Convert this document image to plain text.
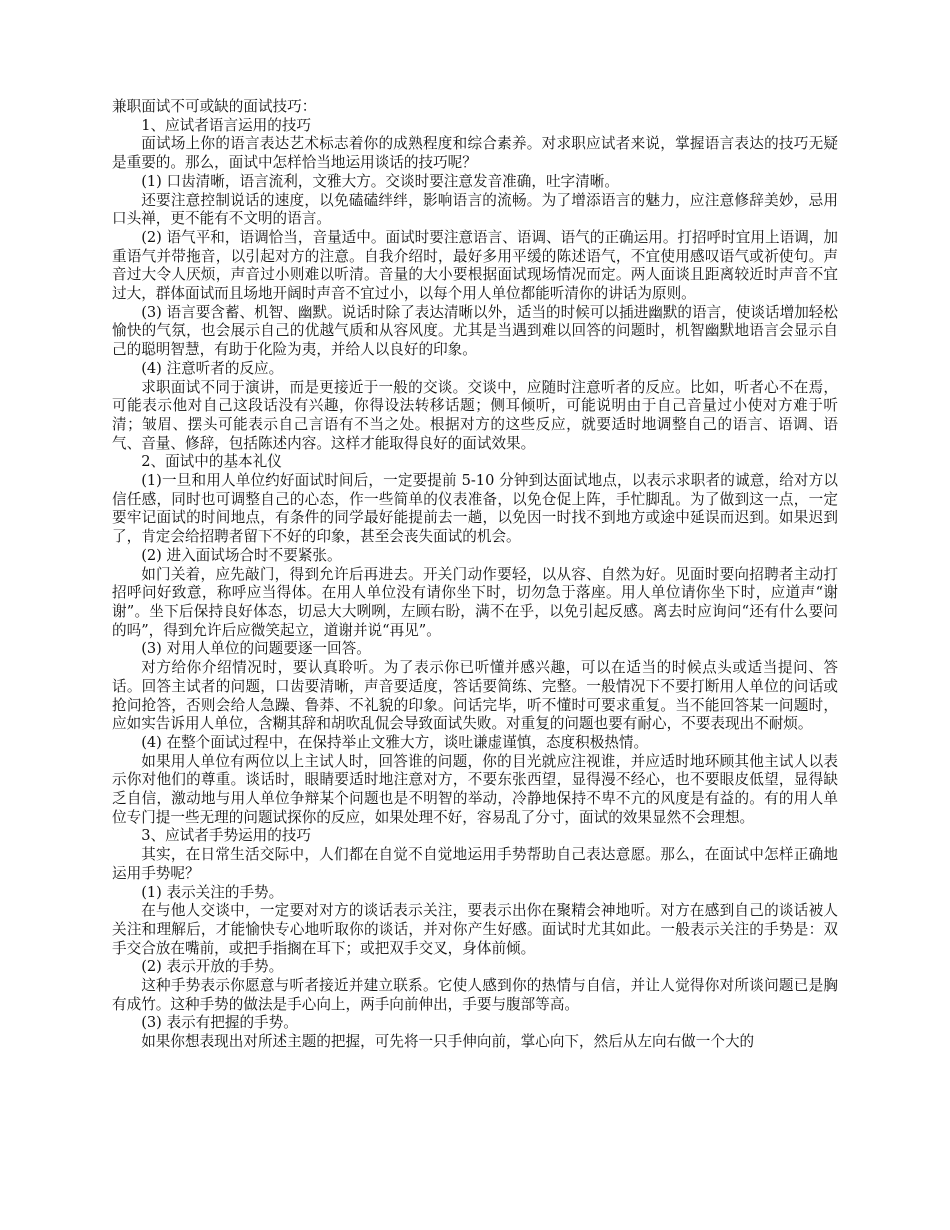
兼职面试不可或缺的面试技巧：

1、应试者语言运用的技巧

面试场上你的语言表达艺术标志着你的成熟程度和综合素养。对求职应试者来说，掌握语言表达的技巧无疑是重要的。那么，面试中怎样恰当地运用谈话的技巧呢？

(1) 口齿清晰，语言流利，文雅大方。交谈时要注意发音准确，吐字清晰。

还要注意控制说话的速度，以免磕磕绊绊，影响语言的流畅。为了增添语言的魅力，应注意修辞美妙，忌用口头禅，更不能有不文明的语言。

(2) 语气平和，语调恰当，音量适中。面试时要注意语言、语调、语气的正确运用。打招呼时宜用上语调，加重语气并带拖音，以引起对方的注意。自我介绍时，最好多用平缓的陈述语气，不宜使用感叹语气或祈使句。声音过大令人厌烦，声音过小则难以听清。音量的大小要根据面试现场情况而定。两人面谈且距离较近时声音不宜过大，群体面试而且场地开阔时声音不宜过小，以每个用人单位都能听清你的讲话为原则。

(3) 语言要含蓄、机智、幽默。说话时除了表达清晰以外，适当的时候可以插进幽默的语言，使谈话增加轻松愉快的气氛，也会展示自己的优越气质和从容风度。尤其是当遇到难以回答的问题时，机智幽默地语言会显示自己的聪明智慧，有助于化险为夷，并给人以良好的印象。

(4) 注意听者的反应。

求职面试不同于演讲，而是更接近于一般的交谈。交谈中，应随时注意听者的反应。比如，听者心不在焉，可能表示他对自己这段话没有兴趣，你得设法转移话题；侧耳倾听，可能说明由于自己音量过小使对方难于听清；皱眉、摆头可能表示自己言语有不当之处。根据对方的这些反应，就要适时地调整自己的语言、语调、语气、音量、修辞，包括陈述内容。这样才能取得良好的面试效果。

2、面试中的基本礼仪

(1)一旦和用人单位约好面试时间后，一定要提前 5-10 分钟到达面试地点，以表示求职者的诚意，给对方以信任感，同时也可调整自己的心态，作一些简单的仪表准备，以免仓促上阵，手忙脚乱。为了做到这一点，一定要牢记面试的时间地点，有条件的同学最好能提前去一趟，以免因一时找不到地方或途中延误而迟到。如果迟到了，肯定会给招聘者留下不好的印象，甚至会丧失面试的机会。

(2) 进入面试场合时不要紧张。

如门关着，应先敲门，得到允许后再进去。开关门动作要轻，以从容、自然为好。见面时要向招聘者主动打招呼问好致意，称呼应当得体。在用人单位没有请你坐下时，切勿急于落座。用人单位请你坐下时，应道声“谢谢”。坐下后保持良好体态，切忌大大咧咧，左顾右盼，满不在乎，以免引起反感。离去时应询问“还有什么要问的吗”，得到允许后应微笑起立，道谢并说“再见”。

(3) 对用人单位的问题要逐一回答。

对方给你介绍情况时，要认真聆听。为了表示你已听懂并感兴趣，可以在适当的时候点头或适当提问、答话。回答主试者的问题，口齿要清晰，声音要适度，答话要简练、完整。一般情况下不要打断用人单位的问话或抢问抢答，否则会给人急躁、鲁莽、不礼貌的印象。问话完毕，听不懂时可要求重复。当不能回答某一问题时，应如实告诉用人单位，含糊其辞和胡吹乱侃会导致面试失败。对重复的问题也要有耐心，不要表现出不耐烦。

(4) 在整个面试过程中，在保持举止文雅大方，谈吐谦虚谨慎，态度积极热情。

如果用人单位有两位以上主试人时，回答谁的问题，你的目光就应注视谁，并应适时地环顾其他主试人以表示你对他们的尊重。谈话时，眼睛要适时地注意对方，不要东张西望，显得漫不经心，也不要眼皮低望，显得缺乏自信，激动地与用人单位争辩某个问题也是不明智的举动，冷静地保持不卑不亢的风度是有益的。有的用人单位专门提一些无理的问题试探你的反应，如果处理不好，容易乱了分寸，面试的效果显然不会理想。

3、应试者手势运用的技巧

其实，在日常生活交际中，人们都在自觉不自觉地运用手势帮助自己表达意愿。那么，在面试中怎样正确地运用手势呢？

(1) 表示关注的手势。

在与他人交谈中，一定要对对方的谈话表示关注，要表示出你在聚精会神地听。对方在感到自己的谈话被人关注和理解后，才能愉快专心地听取你的谈话，并对你产生好感。面试时尤其如此。一般表示关注的手势是：双手交合放在嘴前，或把手指搁在耳下；或把双手交叉，身体前倾。

(2) 表示开放的手势。

这种手势表示你愿意与听者接近并建立联系。它使人感到你的热情与自信，并让人觉得你对所谈问题已是胸有成竹。这种手势的做法是手心向上，两手向前伸出，手要与腹部等高。

(3) 表示有把握的手势。

如果你想表现出对所述主题的把握，可先将一只手伸向前，掌心向下，然后从左向右做一个大的
